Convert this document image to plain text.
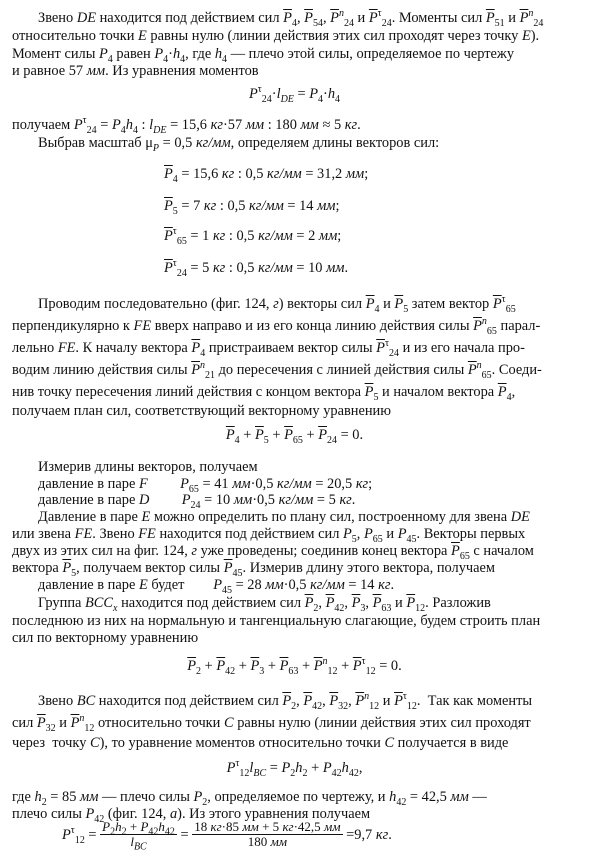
Звено DE находится под действием сил $\overline{P}_4$, $\overline{P}_{54}$, $\overline{P}^n_{24}$ и $\overline{P}^\tau_{24}$. Моменты сил $\overline{P}_{51}$ и $\overline{P}^n_{24}$
относительно точки E равны нулю (линии действия этих сил проходят через точку E).
Момент силы $P_4$ равен $P_4\cdot h_4$, где $h_4$ — плечо этой силы, определяемое по чертежу
и равное 57 мм. Из уравнения моментов
$P^\tau_{24}\cdot l_{DE} = P_4\cdot h_4$
получаем $P^\tau_{24} = P_4h_4$ : $l_{DE} = 15,6$ кг·57 мм : 180 мм ≈ 5 кг.
Выбрав масштаб $\mu_P = 0,5$ кг/мм, определяем длины векторов сил:
$\overline{P}_4 = 15,6$ кг : 0,5 кг/мм = 31,2 мм;
$\overline{P}_5 = 7$ кг : 0,5 кг/мм = 14 мм;
$\overline{P}^\tau_{65} = 1$ кг : 0,5 кг/мм = 2 мм;
$\overline{P}^\tau_{24} = 5$ кг : 0,5 кг/мм = 10 мм.
Проводим последовательно (фиг. 124, г) векторы сил $\overline{P}_4$ и $\overline{P}_5$ затем вектор $\overline{P}^\tau_{65}$
перпендикулярно к FE вверх направо и из его конца линию действия силы $\overline{P}^n_{65}$ парал-
лельно FE. К началу вектора $\overline{P}_4$ пристраиваем вектор силы $\overline{P}^\tau_{24}$ и из его начала про-
водим линию действия силы $\overline{P}^n_{21}$ до пересечения с линией действия силы $\overline{P}^n_{65}$. Соеди-
нив точку пересечения линий действия с концом вектора $\overline{P}_5$ и началом вектора $\overline{P}_4$,
получаем план сил, соответствующий векторному уравнению
$\overline{P}_4 + \overline{P}_5 + \overline{P}_{65} + \overline{P}_{24} = 0$.
Измерив длины векторов, получаем
давление в паре F $P_{65} = 41$ мм·0,5 кг/мм = 20,5 кг;
давление в паре D $P_{24} = 10$ мм·0,5 кг/мм = 5 кг.
Давление в паре E можно определить по плану сил, построенному для звена DE
или звена FE. Звено FE находится под действием сил $P_5$, $P_{65}$ и $P_{45}$. Векторы первых
двух из этих сил на фиг. 124, г уже проведены; соединив конец вектора $\overline{P}_{65}$ с началом
вектора $\overline{P}_5$, получаем вектор силы $\overline{P}_{45}$. Измерив длину этого вектора, получаем
давление в паре E будет        $P_{45} = 28$ мм·0,5 кг/мм = 14 кг.
Группа $BCC_x$ находится под действием сил $\overline{P}_2$, $\overline{P}_{42}$, $\overline{P}_3$, $\overline{P}_{63}$ и $\overline{P}_{12}$. Разложив
последнюю из них на нормальную и тангенциальную слагающие, будем строить план
сил по векторному уравнению
$\overline{P}_2 + \overline{P}_{42} + \overline{P}_3 + \overline{P}_{63} + \overline{P}^n_{12} + \overline{P}^\tau_{12} = 0$.
Звено BC находится под действием сил $\overline{P}_2$, $\overline{P}_{42}$, $\overline{P}_{32}$, $\overline{P}^n_{12}$ и $\overline{P}^\tau_{12}$.  Так как моменты
сил $\overline{P}_{32}$ и $\overline{P}^n_{12}$ относительно точки C равны нулю (линии действия этих сил проходят
через  точку C), то уравнение моментов относительно точки C получается в виде
$P^\tau_{12}l_{BC} = P_2h_2 + P_{42}h_{42}$,
где $h_2 = 85$ мм — плечо силы $P_2$, определяемое по чертежу, и $h_{42} = 42,5$ мм —
плечо силы $P_{42}$ (фиг. 124, а). Из этого уравнения получаем
$P^\tau_{12} = P_2h_2 + P_{42}h_{42}$
$l_{BC}$
= 18 кг·85 мм + 5 кг·42,5 мм
180 мм	=9,7 кг.
